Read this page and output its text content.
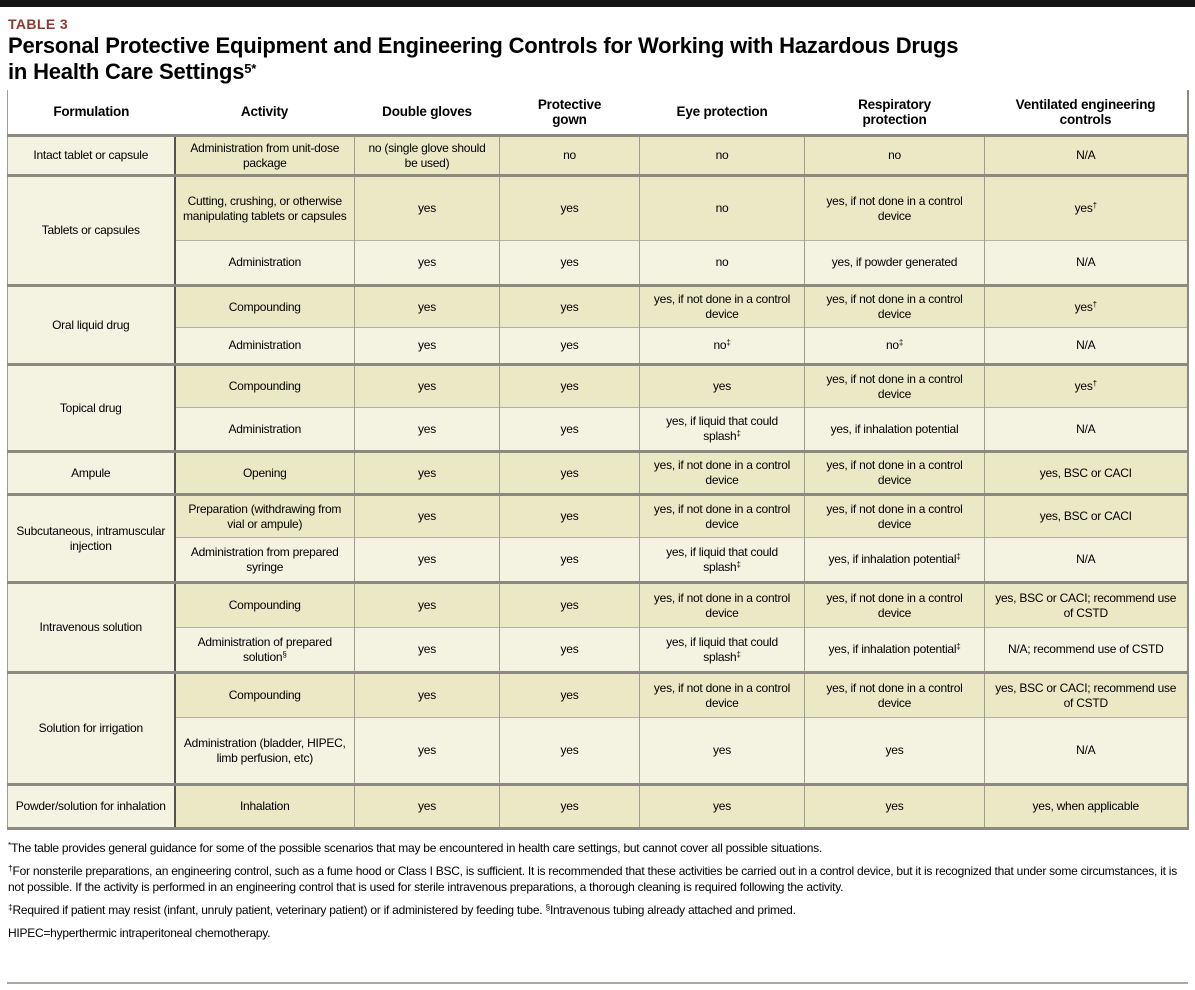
TABLE 3
Personal Protective Equipment and Engineering Controls for Working with Hazardous Drugs
in Health Care Settings$^{5*}$
Formulation	Activity	Double gloves	Protective gown	Eye protection	Respiratory protection	Ventilated engineering controls
Intact tablet or capsule	Administration from unit-dose package	no (single glove should be used)	no	no	no	N/A
Tablets or capsules	Cutting, crushing, or otherwise manipulating tablets or capsules	yes	yes	no	yes, if not done in a control device	yes†
	Administration	yes	yes	no	yes, if powder generated	N/A
Oral liquid drug	Compounding	yes	yes	yes, if not done in a control device	yes, if not done in a control device	yes†
	Administration	yes	yes	no‡	no‡	N/A
Topical drug	Compounding	yes	yes	yes	yes, if not done in a control device	yes†
	Administration	yes	yes	yes, if liquid that could splash‡	yes, if inhalation potential	N/A
Ampule	Opening	yes	yes	yes, if not done in a control device	yes, if not done in a control device	yes, BSC or CACI
Subcutaneous, intramuscular injection	Preparation (withdrawing from vial or ampule)	yes	yes	yes, if not done in a control device	yes, if not done in a control device	yes, BSC or CACI
	Administration from prepared syringe	yes	yes	yes, if liquid that could splash‡	yes, if inhalation potential‡	N/A
Intravenous solution	Compounding	yes	yes	yes, if not done in a control device	yes, if not done in a control device	yes, BSC or CACI; recommend use of CSTD
	Administration of prepared solution§	yes	yes	yes, if liquid that could splash‡	yes, if inhalation potential‡	N/A; recommend use of CSTD
Solution for irrigation	Compounding	yes	yes	yes, if not done in a control device	yes, if not done in a control device	yes, BSC or CACI; recommend use of CSTD
	Administration (bladder, HIPEC, limb perfusion, etc)	yes	yes	yes	yes	N/A
Powder/solution for inhalation	Inhalation	yes	yes	yes	yes	yes, when applicable

*The table provides general guidance for some of the possible scenarios that may be encountered in health care settings, but cannot cover all possible situations.

†For nonsterile preparations, an engineering control, such as a fume hood or Class I BSC, is sufficient. It is recommended that these activities be carried out in a control device, but it is recognized that under some circumstances, it is not possible. If the activity is performed in an engineering control that is used for sterile intravenous preparations, a thorough cleaning is required following the activity.

‡Required if patient may resist (infant, unruly patient, veterinary patient) or if administered by feeding tube. §Intravenous tubing already attached and primed.

HIPEC=hyperthermic intraperitoneal chemotherapy.
